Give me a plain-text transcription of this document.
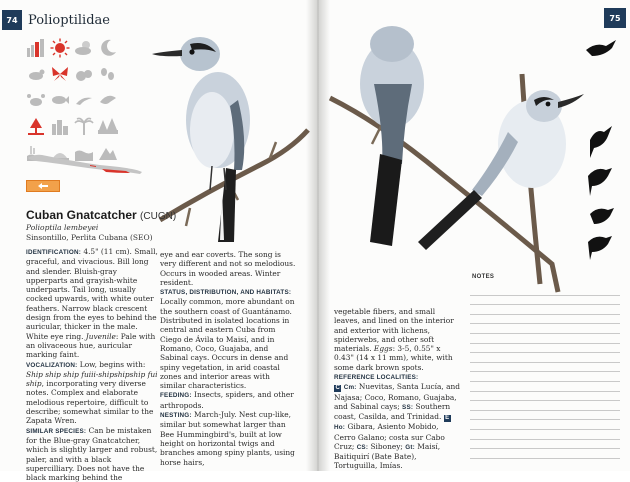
74 Polioptilidae
Cuban Gnatcatcher (CUGN)
Polioptila lembeyei
Sinsontillo, Perlita Cubana (SEO)
IDENTIFICATION: 4.5" (11 cm). Small, graceful, and vivacious. Bill long and slender. Bluish-gray upperparts and grayish-white underparts. Tail long, usually cocked upwards, with white outer feathers. Narrow black crescent design from the eyes to behind the auricular, thicker in the male. White eye ring. Juvenile: Pale with an olivaceous hue, auricular marking faint.
VOCALIZATION: Low, begins with: Ship ship ship fuiii-shipshipship fui ship, incorporating very diverse notes. Complex and elaborate melodious repertoire, difficult to describe; somewhat similar to the Zapata Wren.
SIMILAR SPECIES: Can be mistaken for the Blue-gray Gnatcatcher, which is slightly larger and robust, paler, and with a black supercilliary. Does not have the black marking behind the
eye and ear coverts. The song is very different and not so melodious. Occurs in wooded areas. Winter resident.
STATUS, DISTRIBUTION, AND HABITATS: Locally common, more abundant on the southern coast of Guantánamo. Distributed in isolated locations in central and eastern Cuba from Ciego de Ávila to Maisí, and in Romano, Coco, Guajaba, and Sabinal cays. Occurs in dense and spiny vegetation, in arid coastal zones and interior areas with similar characteristics.
FEEDING: Insects, spiders, and other arthropods.
NESTING: March-July. Nest cup-like, similar but somewhat larger than Bee Hummingbird's, built at low height on horizontal twigs and branches among spiny plants, using horse hairs,
75
NOTES
vegetable fibers, and small leaves, and lined on the interior and exterior with lichens, spiderwebs, and other soft materials. Eggs: 3-5, 0.55" x 0.43" (14 x 11 mm), white, with some dark brown spots.
REFERENCE LOCALITIES:
C Cm: Nuevitas, Santa Lucía, and Najasa; Coco, Romano, Guajaba, and Sabinal cays; SS: Southern coast, Casilda, and Trinidad. E Ho: Gibara, Asiento Mobido, Cerro Galano; costa sur Cabo Cruz; CS: Siboney; Gt: Maisí, Baitiquirí (Bate Bate), Tortuguilla, Imías.
